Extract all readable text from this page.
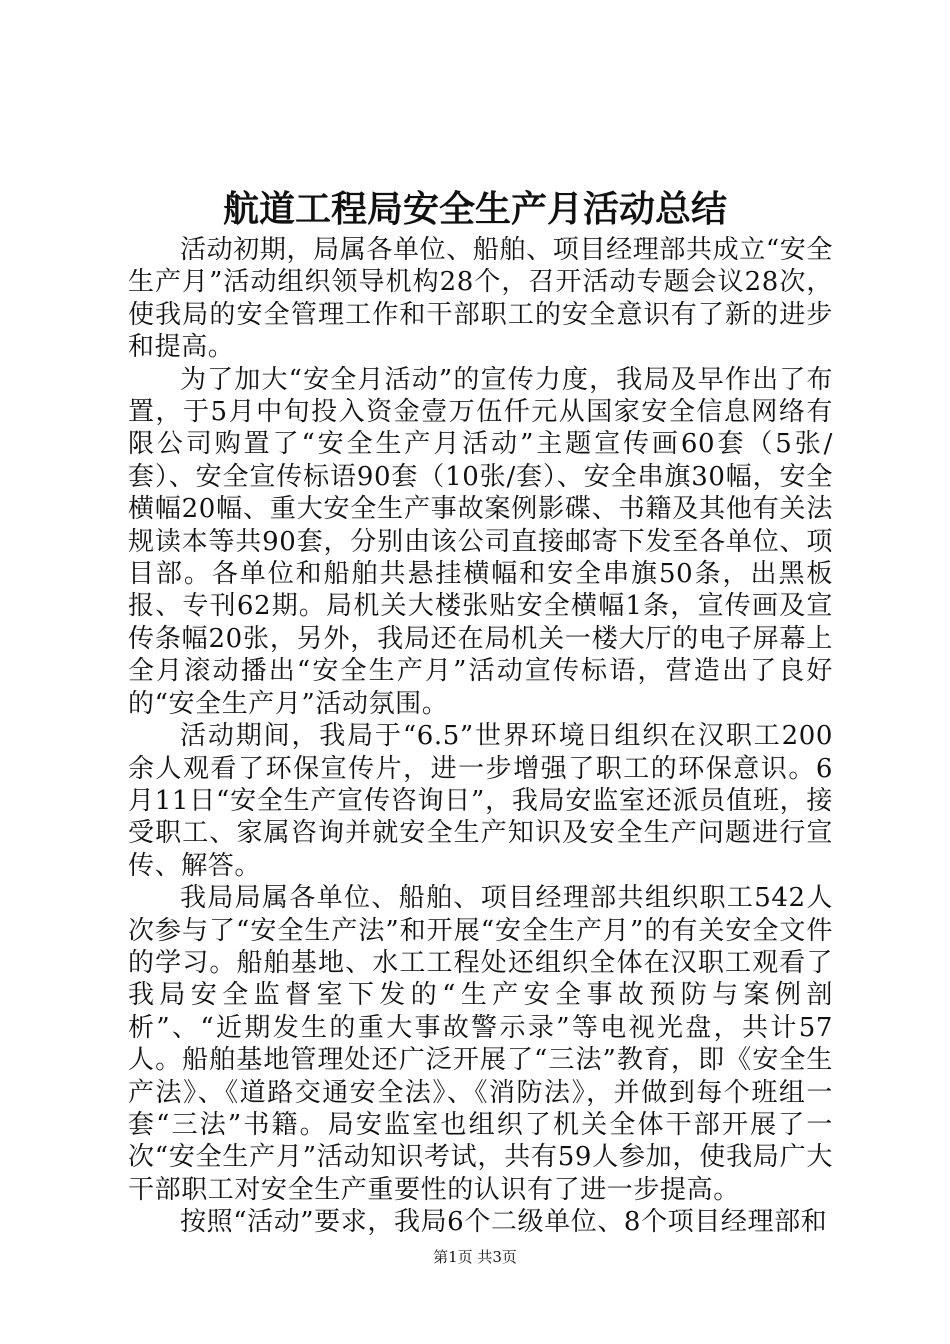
航道工程局安全生产月活动总结

活动初期，局属各单位、船舶、项目经理部共成立“安全生产月”活动组织领导机构28个，召开活动专题会议28次，使我局的安全管理工作和干部职工的安全意识有了新的进步和提高。

为了加大“安全月活动”的宣传力度，我局及早作出了布置，于5月中旬投入资金壹万伍仟元从国家安全信息网络有限公司购置了“安全生产月活动”主题宣传画60套（5张/套）、安全宣传标语90套（10张/套）、安全串旗30幅，安全横幅20幅、重大安全生产事故案例影碟、书籍及其他有关法规读本等共90套，分别由该公司直接邮寄下发至各单位、项目部。各单位和船舶共悬挂横幅和安全串旗50条，出黑板报、专刊62期。局机关大楼张贴安全横幅1条，宣传画及宣传条幅20张，另外，我局还在局机关一楼大厅的电子屏幕上全月滚动播出“安全生产月”活动宣传标语，营造出了良好的“安全生产月”活动氛围。

活动期间，我局于“6.5”世界环境日组织在汉职工200余人观看了环保宣传片，进一步增强了职工的环保意识。6月11日“安全生产宣传咨询日”，我局安监室还派员值班，接受职工、家属咨询并就安全生产知识及安全生产问题进行宣传、解答。

我局局属各单位、船舶、项目经理部共组织职工542人次参与了“安全生产法”和开展“安全生产月”的有关安全文件的学习。船舶基地、水工工程处还组织全体在汉职工观看了我局安全监督室下发的“生产安全事故预防与案例剖析”、“近期发生的重大事故警示录”等电视光盘，共计57人。船舶基地管理处还广泛开展了“三法”教育，即《安全生产法》、《道路交通安全法》、《消防法》，并做到每个班组一套“三法”书籍。局安监室也组织了机关全体干部开展了一次“安全生产月”活动知识考试，共有59人参加，使我局广大干部职工对安全生产重要性的认识有了进一步提高。

按照“活动”要求，我局6个二级单位、8个项目经理部和

第1页 共3页
